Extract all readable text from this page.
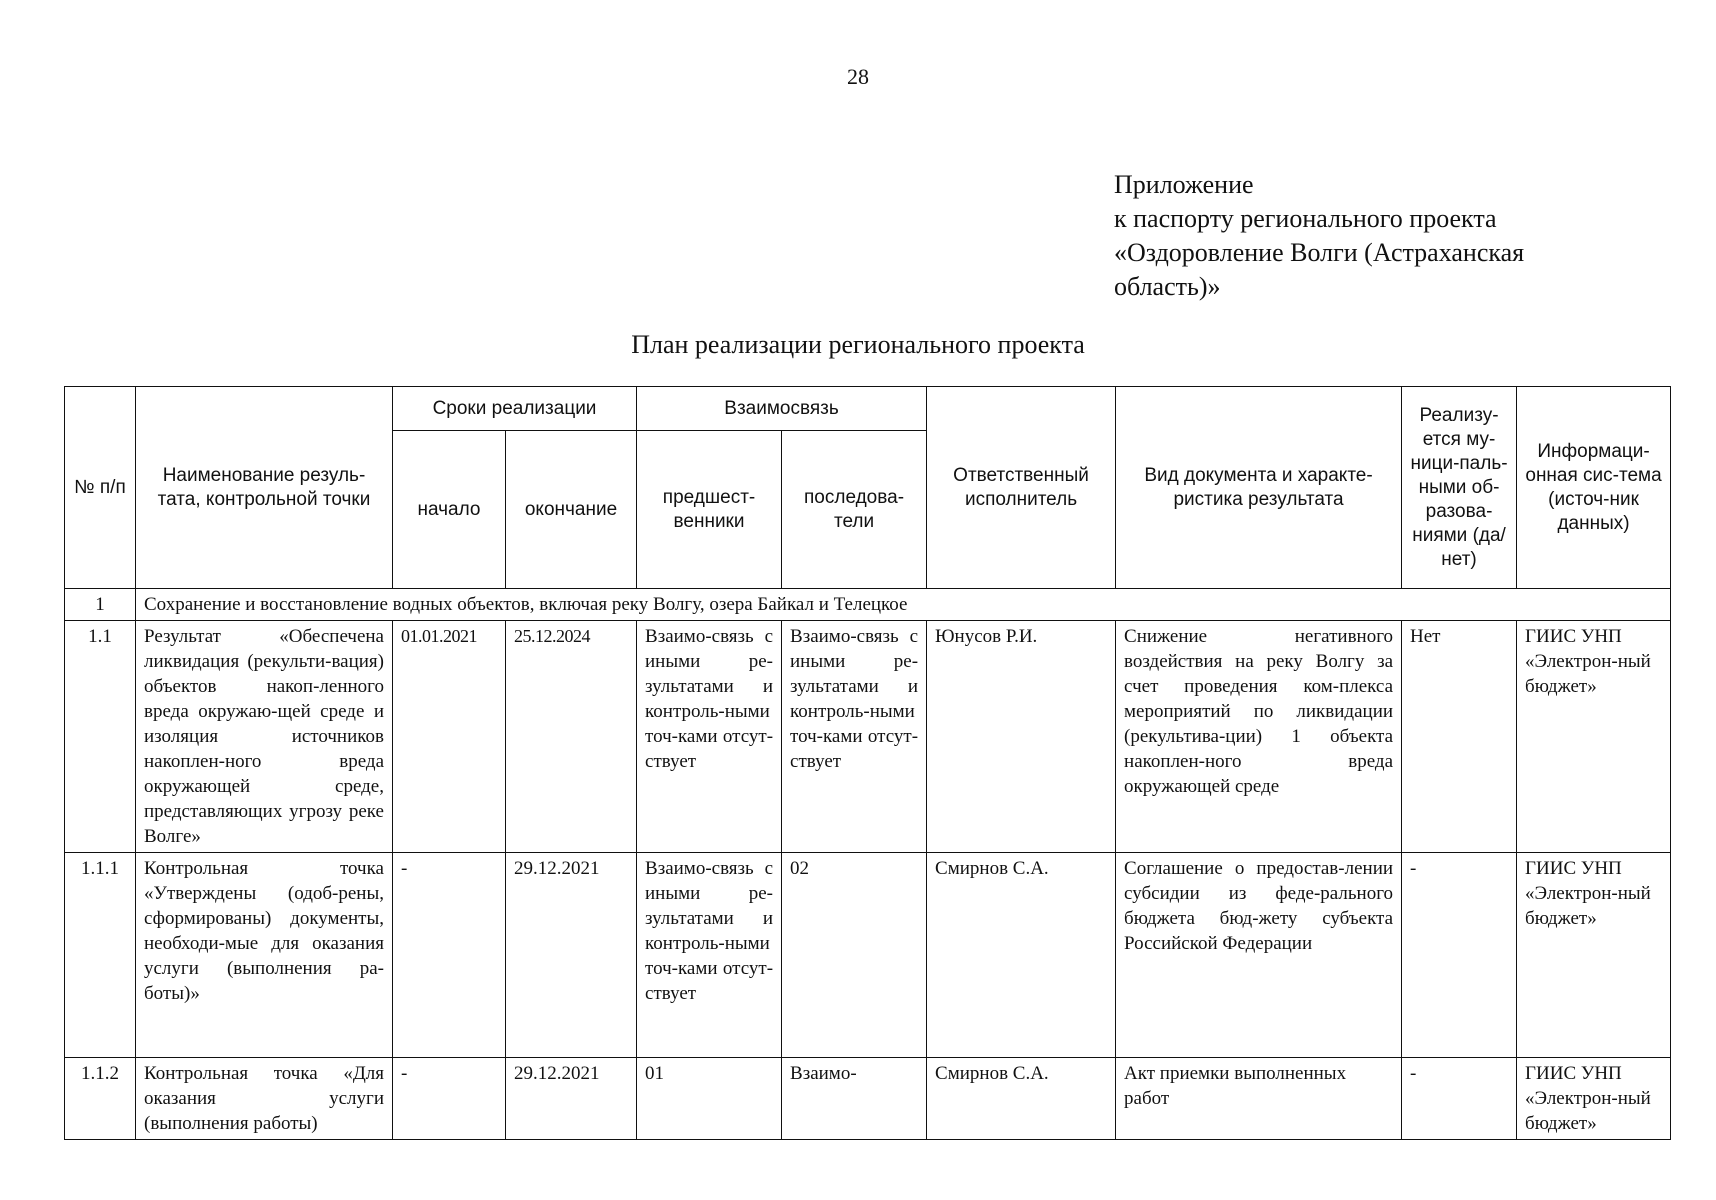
28
Приложение
к паспорту регионального проекта
«Оздоровление Волги (Астраханская
область)»
План реализации регионального проекта
№ п/п	Наименование резуль-тата, контрольной точки	Сроки реализации		Взаимосвязь		Ответственный исполнитель	Вид документа и характе-ристика результата	Реализу-ется му-ници-паль-ными об-разова-ниями (да/нет)	Информаци-онная сис-тема (источ-ник данных)
		начало	окончание	предшест-венники	последова-тели				
1	Сохранение и восстановление водных объектов, включая реку Волгу, озера Байкал и Телецкое								
1.1	Результат «Обеспечена ликвидация (рекульти-вация) объектов накоп-ленного вреда окружаю-щей среде и изоляция источников накоплен-ного вреда окружающей среде, представляющих угрозу реке Волге»	01.01.2021	25.12.2024	Взаимо-связь с иными ре-зультатами и контроль-ными точ-ками отсут-ствует	Взаимо-связь с иными ре-зультатами и контроль-ными точ-ками отсут-ствует	Юнусов Р.И.	Снижение негативного воздействия на реку Волгу за счет проведения ком-плекса мероприятий по ликвидации (рекультива-ции) 1 объекта накоплен-ного вреда окружающей среде	Нет	ГИИС УНП «Электрон-ный бюджет»
1.1.1	Контрольная точка «Утверждены (одоб-рены, сформированы) документы, необходи-мые для оказания услуги (выполнения ра-боты)»	-	29.12.2021	Взаимо-связь с иными ре-зультатами и контроль-ными точ-ками отсут-ствует	02	Смирнов С.А.	Соглашение о предостав-лении субсидии из феде-рального бюджета бюд-жету субъекта Российской Федерации	-	ГИИС УНП «Электрон-ный бюджет»
1.1.2	Контрольная точка «Для оказания услуги (выполнения работы)	-	29.12.2021	01	Взаимо-	Смирнов С.А.	Акт приемки выполненных работ	-	ГИИС УНП «Электрон-ный бюджет»
